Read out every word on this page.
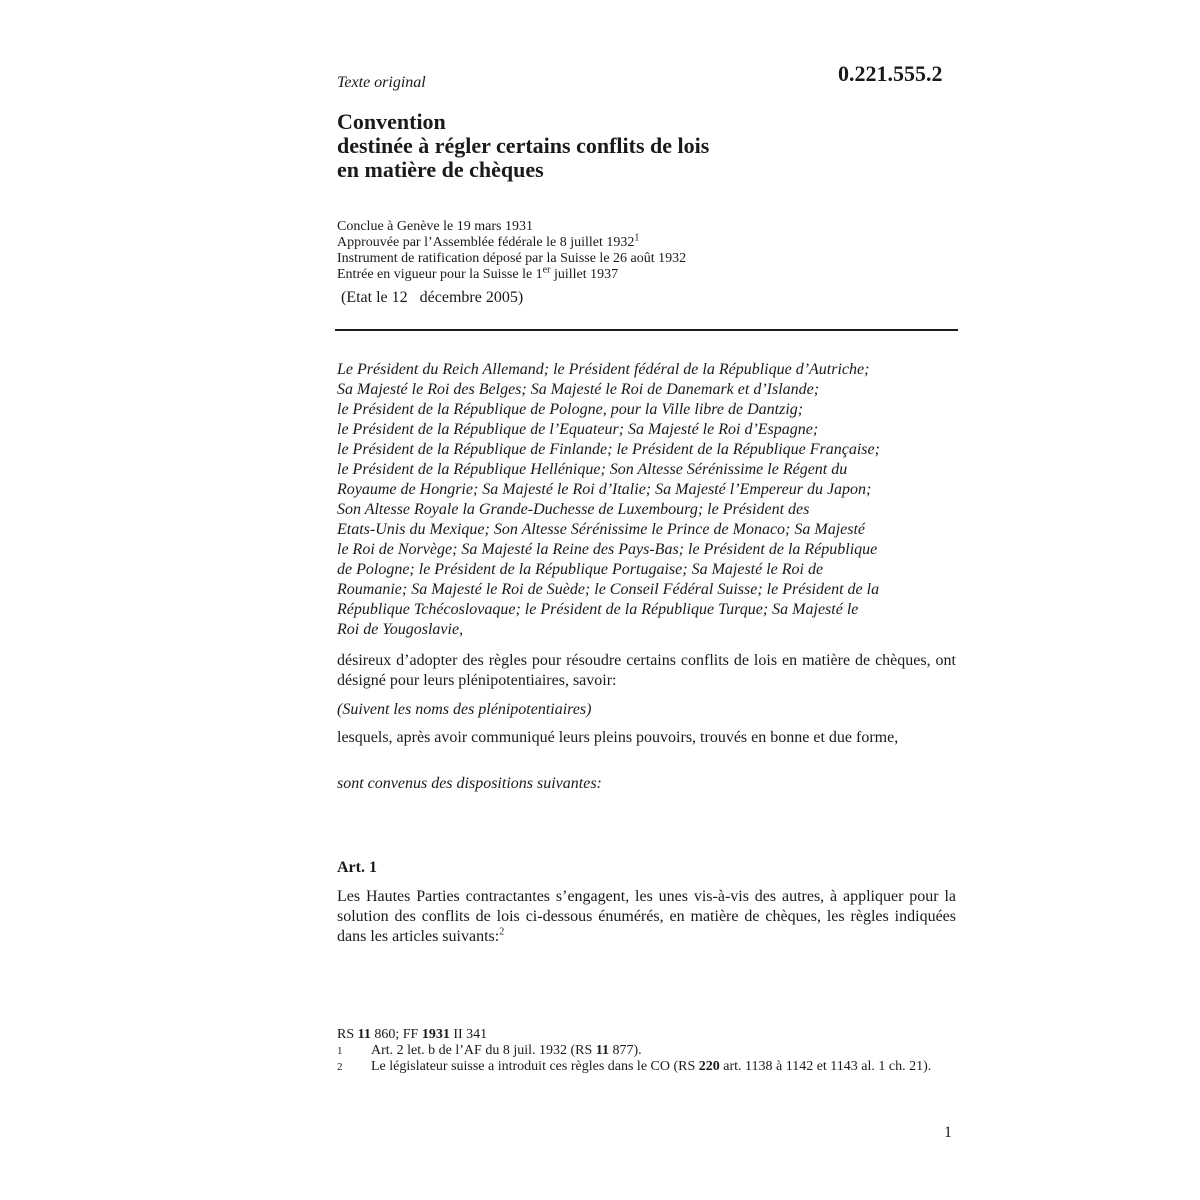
Texte original	0.221.555.2

Convention
destinée à régler certains conflits de lois
en matière de chèques
Conclue à Genève le 19 mars 1931
Approuvée par l’Assemblée fédérale le 8 juillet 1932$^1$
Instrument de ratification déposé par la Suisse le 26 août 1932
Entrée en vigueur pour la Suisse le 1er juillet 1937

(Etat le 12   décembre 2005)

Le Président du Reich Allemand; le Président fédéral de la République d’Autriche;
Sa Majesté le Roi des Belges; Sa Majesté le Roi de Danemark et d’Islande;
le Président de la République de Pologne, pour la Ville libre de Dantzig;
le Président de la République de l’Equateur; Sa Majesté le Roi d’Espagne;
le Président de la République de Finlande; le Président de la République Française;
le Président de la République Hellénique; Son Altesse Sérénissime le Régent du
Royaume de Hongrie; Sa Majesté le Roi d’Italie; Sa Majesté l’Empereur du Japon;
Son Altesse Royale la Grande-Duchesse de Luxembourg; le Président des
Etats-Unis du Mexique; Son Altesse Sérénissime le Prince de Monaco; Sa Majesté
le Roi de Norvège; Sa Majesté la Reine des Pays-Bas; le Président de la République
de Pologne; le Président de la République Portugaise; Sa Majesté le Roi de
Roumanie; Sa Majesté le Roi de Suède; le Conseil Fédéral Suisse; le Président de la
République Tchécoslovaque; le Président de la République Turque; Sa Majesté le
Roi de Yougoslavie,

désireux d’adopter des règles pour résoudre certains conflits de lois en matière de chèques, ont désigné pour leurs plénipotentiaires, savoir:

(Suivent les noms des plénipotentiaires)

lesquels, après avoir communiqué leurs pleins pouvoirs, trouvés en bonne et due forme,

sont convenus des dispositions suivantes:

Art. 1

Les Hautes Parties contractantes s’engagent, les unes vis-à-vis des autres, à appliquer pour la solution des conflits de lois ci-dessous énumérés, en matière de chèques, les règles indiquées dans les articles suivants:$^2$

RS 11 860; FF 1931 II 341
1	Art. 2 let. b de l’AF du 8 juil. 1932 (RS 11 877).
2	Le législateur suisse a introduit ces règles dans le CO (RS 220 art. 1138 à 1142 et 1143 al. 1 ch. 21).

1
